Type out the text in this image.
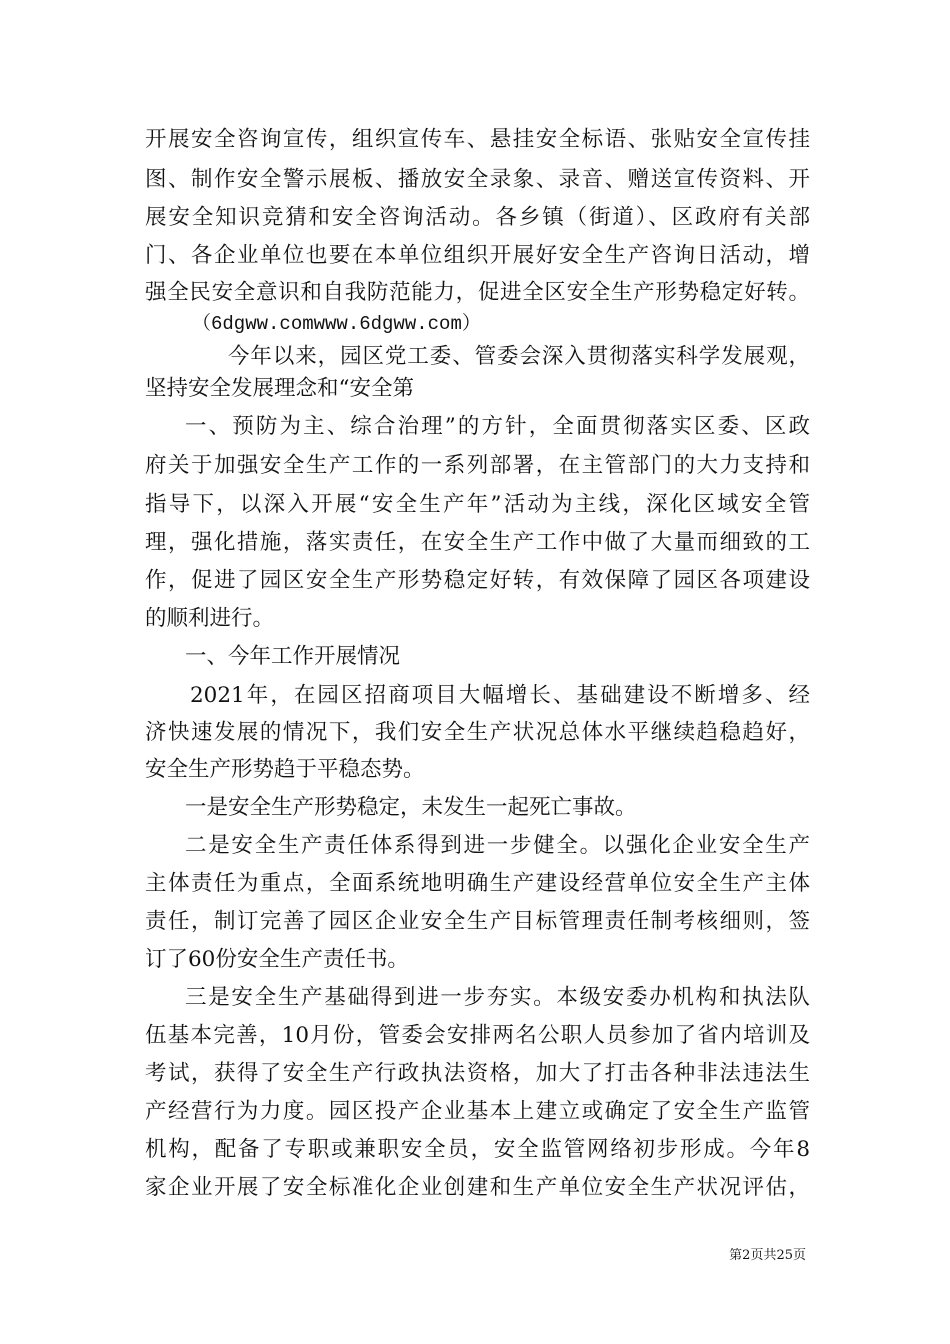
开展安全咨询宣传，组织宣传车、悬挂安全标语、张贴安全宣传挂
图、制作安全警示展板、播放安全录象、录音、赠送宣传资料、开
展安全知识竞猜和安全咨询活动。各乡镇（街道）、区政府有关部
门、各企业单位也要在本单位组织开展好安全生产咨询日活动，增
强全民安全意识和自我防范能力，促进全区安全生产形势稳定好转。
（6dgww.comwww.6dgww.com）
今年以来，园区党工委、管委会深入贯彻落实科学发展观，
坚持安全发展理念和“安全第
一、预防为主、综合治理”的方针，全面贯彻落实区委、区政
府关于加强安全生产工作的一系列部署，在主管部门的大力支持和
指导下，以深入开展“安全生产年”活动为主线，深化区域安全管
理，强化措施，落实责任，在安全生产工作中做了大量而细致的工
作，促进了园区安全生产形势稳定好转，有效保障了园区各项建设
的顺利进行。
一、今年工作开展情况
2021年，在园区招商项目大幅增长、基础建设不断增多、经
济快速发展的情况下，我们安全生产状况总体水平继续趋稳趋好，
安全生产形势趋于平稳态势。
一是安全生产形势稳定，未发生一起死亡事故。
二是安全生产责任体系得到进一步健全。以强化企业安全生产
主体责任为重点，全面系统地明确生产建设经营单位安全生产主体
责任，制订完善了园区企业安全生产目标管理责任制考核细则，签
订了60份安全生产责任书。
三是安全生产基础得到进一步夯实。本级安委办机构和执法队
伍基本完善，10月份，管委会安排两名公职人员参加了省内培训及
考试，获得了安全生产行政执法资格，加大了打击各种非法违法生
产经营行为力度。园区投产企业基本上建立或确定了安全生产监管
机构，配备了专职或兼职安全员，安全监管网络初步形成。今年8
家企业开展了安全标准化企业创建和生产单位安全生产状况评估，
第2页共25页
